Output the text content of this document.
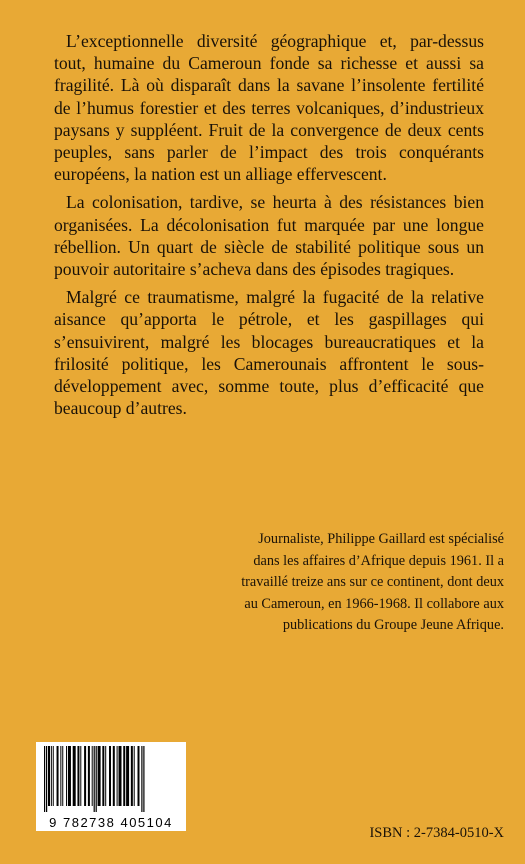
L’exceptionnelle diversité géographique et, par-dessus tout, humaine du Cameroun fonde sa richesse et aussi sa fragilité. Là où disparaît dans la savane l’insolente fertilité de l’humus forestier et des terres volcaniques, d’industrieux paysans y suppléent. Fruit de la convergence de deux cents peuples, sans parler de l’impact des trois conquérants européens, la nation est un alliage effervescent.

La colonisation, tardive, se heurta à des résistances bien organisées. La décolonisation fut marquée par une longue rébellion. Un quart de siècle de stabilité politique sous un pouvoir autoritaire s’acheva dans des épisodes tragiques.

Malgré ce traumatisme, malgré la fugacité de la relative aisance qu’apporta le pétrole, et les gaspillages qui s’ensuivirent, malgré les blocages bureaucratiques et la frilosité politique, les Camerounais affrontent le sous-développement avec, somme toute, plus d’efficacité que beaucoup d’autres.

Journaliste, Philippe Gaillard est spécialisé dans les affaires d’Afrique depuis 1961. Il a travaillé treize ans sur ce continent, dont deux au Cameroun, en 1966-1968. Il collabore aux publications du Groupe Jeune Afrique.

9 782738 405104
ISBN : 2-7384-0510-X
